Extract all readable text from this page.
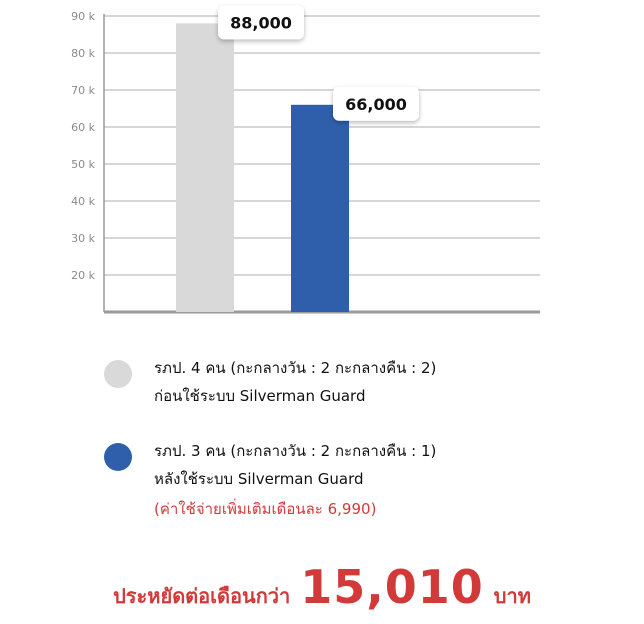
20 k
30 k
40 k
50 k
60 k
70 k
80 k
90 k	88,000
66,000
รภป. 4 คน (กะกลางวัน : 2 กะกลางคืน : 2)
ก่อนใช้ระบบ Silverman Guard
รภป. 3 คน (กะกลางวัน : 2 กะกลางคืน : 1)
หลังใช้ระบบ Silverman Guard
(ค่าใช้จ่ายเพิ่มเติมเดือนละ 6,990)
ประหยัดต่อเดือนกว่า 15,010 บาท
